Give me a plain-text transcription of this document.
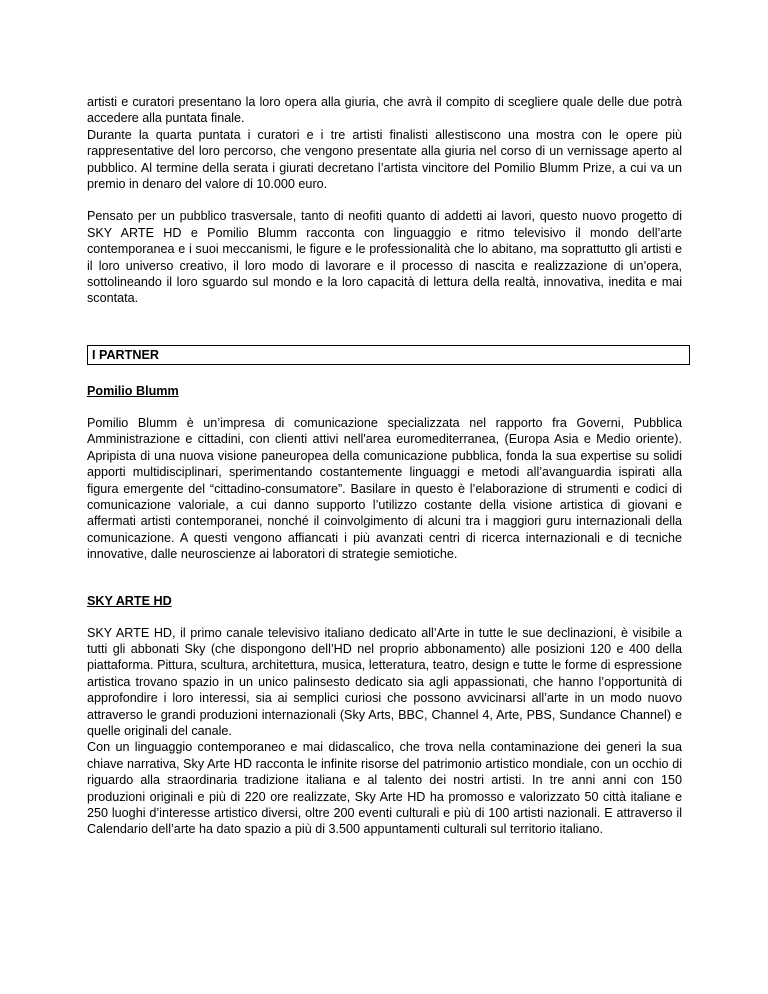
artisti e curatori presentano la loro opera alla giuria, che avrà il compito di scegliere quale delle due potrà accedere alla puntata finale.

Durante la quarta puntata i curatori e i tre artisti finalisti allestiscono una mostra con le opere più rappresentative del loro percorso, che vengono presentate alla giuria nel corso di un vernissage aperto al pubblico. Al termine della serata i giurati decretano l’artista vincitore del Pomilio Blumm Prize, a cui va un premio in denaro del valore di 10.000 euro.

Pensato per un pubblico trasversale, tanto di neofiti quanto di addetti ai lavori, questo nuovo progetto di SKY ARTE HD e Pomilio Blumm racconta con linguaggio e ritmo televisivo il mondo dell’arte contemporanea e i suoi meccanismi, le figure e le professionalità che lo abitano, ma soprattutto gli artisti e il loro universo creativo, il loro modo di lavorare e il processo di nascita e realizzazione di un’opera, sottolineando il loro sguardo sul mondo e la loro capacità di lettura della realtà, innovativa, inedita e mai scontata.

I PARTNER
Pomilio Blumm

Pomilio Blumm è un’impresa di comunicazione specializzata nel rapporto fra Governi, Pubblica Amministrazione e cittadini, con clienti attivi nell'area euromediterranea, (Europa Asia e Medio oriente). Apripista di una nuova visione paneuropea della comunicazione pubblica, fonda la sua expertise su solidi apporti multidisciplinari, sperimentando costantemente linguaggi e metodi all’avanguardia ispirati alla figura emergente del “cittadino-consumatore”. Basilare in questo è l’elaborazione di strumenti e codici di comunicazione valoriale, a cui danno supporto l’utilizzo costante della visione artistica di giovani e affermati artisti contemporanei, nonché il coinvolgimento di alcuni tra i maggiori guru internazionali della comunicazione. A questi vengono affiancati i più avanzati centri di ricerca internazionali e di tecniche innovative, dalle neuroscienze ai laboratori di strategie semiotiche.

SKY ARTE HD

SKY ARTE HD, il primo canale televisivo italiano dedicato all’Arte in tutte le sue declinazioni, è visibile a tutti gli abbonati Sky (che dispongono dell’HD nel proprio abbonamento) alle posizioni 120 e 400 della piattaforma. Pittura, scultura, architettura, musica, letteratura, teatro, design e tutte le forme di espressione artistica trovano spazio in un unico palinsesto dedicato sia agli appassionati, che hanno l’opportunità di approfondire i loro interessi, sia ai semplici curiosi che possono avvicinarsi all’arte in un modo nuovo attraverso le grandi produzioni internazionali (Sky Arts, BBC, Channel 4, Arte, PBS, Sundance Channel) e quelle originali del canale.

Con un linguaggio contemporaneo e mai didascalico, che trova nella contaminazione dei generi la sua chiave narrativa, Sky Arte HD racconta le infinite risorse del patrimonio artistico mondiale, con un occhio di riguardo alla straordinaria tradizione italiana e al talento dei nostri artisti. In tre anni anni con 150 produzioni originali e più di 220 ore realizzate, Sky Arte HD ha promosso e valorizzato 50 città italiane e 250 luoghi d’interesse artistico diversi, oltre 200 eventi culturali e più di 100 artisti nazionali. E attraverso il Calendario dell’arte ha dato spazio a più di 3.500 appuntamenti culturali sul territorio italiano.
